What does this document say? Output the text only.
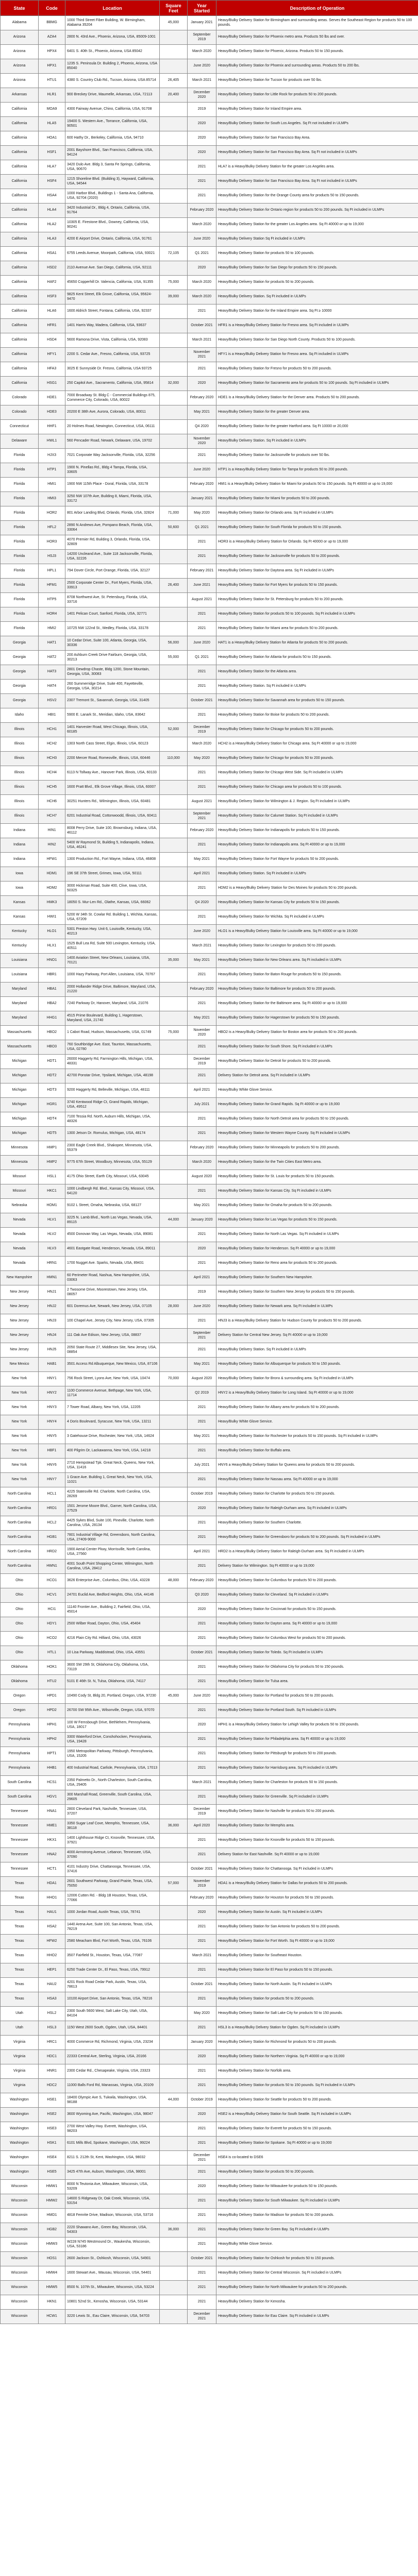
State	Code	Location	Square Feet	Year Started	Description of Operation
Alabama	BBMG	1000 Third Street Fiber Building, W. Birmingham, Alabama 35204	45,000	January 2021	Heavy/Bulky Delivery Station for Birmingham and surrounding areas. Serves the Southeast Region for products 50 to 100 pounds.
Arizona	AZA4	2800 N. 43rd Ave., Phoenix, Arizona, USA, 85009-1001		September 2019	Heavy/Bulky Delivery Station for Phoenix metro area. Products 50 lbs and over.
Arizona	HPX4	6401 S. 40th St., Phoenix, Arizona, USA 85042		March 2020	Heavy/Bulky Delivery Station for Phoenix, Arizona. Products 50 to 150 pounds.
Arizona	HPX1	1235 S. Peninsula Dr. Building 2, Phoenix, Arizona, USA 85040		June 2020	Heavy/Bulky Delivery Station for Phoenix and surrounding areas. Products 50 to 200 lbs.
Arizona	HTU1	4380 S. Country Club Rd., Tucson, Arizona, USA 85714	26,405	March 2021	Heavy/Bulky Delivery Station for Tucson for products over 50 lbs.
Arkansas	HLR1	900 Breckey Drive, Maumelle, Arkansas, USA, 72113	20,400	December 2020	Heavy/Bulky Delivery Station for Little Rock for products 50 to 200 pounds.
California	MOA9	4300 Fairway Avenue, Chino, California, USA, 91708		2019	Heavy/Bulky Delivery Station for Inland Empire area.
California	HLA5	19400 S. Western Ave., Torrance, California, USA, 90501		2020	Heavy/Bulky Delivery Station for South Los Angeles. Sq Ft not included in ULMPs
California	HOA1	600 Hathy Dr., Berkeley, California, USA, 94710		2020	Heavy/Bulky Delivery Station for San Francisco Bay Area.
California	HSF1	2001 Bayshore Blvd., San Francisco, California, USA, 94124		2020	Heavy/Bulky Delivery Station for San Francisco Bay Area. Sq Ft not included in ULMPs
California	HLA7	3420 Dulo Ave. Bldg 3, Santa Fe Springs, California, USA, 90670		2021	HLA7 is a Heavy/Bulky Delivery Station for the greater Los Angeles area.
California	HSF4	1215 Shoreline Blvd. (Building 3), Hayward, California, USA, 94544		2021	Heavy/Bulky Delivery Station for San Francisco Bay Area. Sq Ft not included in ULMPs
California	HSA4	1000 Harbor Blvd., Buildings 1 - Santa Ana, California, USA, 92704 (2020)		2021	Heavy/Bulky Delivery Station for the Orange County area for products 50 to 150 pounds.
California	HLA4	3420 Industrial Dr., Bldg 4, Ontario, California, USA, 91764		February 2020	Heavy/Bulky Delivery Station for Ontario region for products 50 to 200 pounds. Sq Ft included in ULMPs
California	HLA2	10305 E. Firestone Blvd., Downey, California, USA, 90241		March 2020	Heavy/Bulky Delivery Station for the greater Los Angeles area. Sq Ft 40000 or up to 19,000
California	HLA3	4200 E Airport Drive, Ontario, California, USA, 91761		June 2020	Heavy/Bulky Delivery Station Sq Ft included in ULMPs
California	HSA1	6755 Leeds Avenue, Moorpark, California, USA, 93021	72,105	Q1 2021	Heavy/Bulky Delivery Station for products 50 to 100 pounds.
California	HSD2	2110 Avenue Ave. San Diego, California, USA, 92111		2020	Heavy/Bulky Delivery Station for San Diego for products 50 to 150 pounds.
California	HAF2	45650 Copperhill Dr. Valencia, California, USA, 91355	75,000	March 2020	Heavy/Bulky Delivery Station for products 50 to 200 pounds.
California	HSF3	9825 Kent Street, Elk Grove, California, USA, 95624-9470	39,000	March 2020	Heavy/Bulky Delivery Station. Sq Ft included in ULMPs
California	HLA6	1600 Aldrich Street, Fontana, California, USA, 92337		2021	Heavy/Bulky Delivery Station for the Inland Empire area. Sq Ft ≥ 10000
California	HFR1	1401 Harris Way, Madera, California, USA, 93637		October 2021	HFR1 is a Heavy/Bulky Delivery Station for Fresno area. Sq Ft included in ULMPs
California	HSD4	5600 Ramona Drive, Vista, California, USA, 92083		March 2021	Heavy/Bulky Delivery Station for San Diego North County. Products 50 to 100 pounds.
California	HFY1	2200 S. Cedar Ave., Fresno, California, USA, 93725		November 2021	HFY1 is a Heavy/Bulky Delivery Station for Fresno area. Sq Ft included in ULMPs
California	HFA3	3025 E Sunnyside Dr. Fresno, California, USA 93725		2021	Heavy/Bulky Delivery Station for Fresno for products 50 to 200 pounds.
California	HSG1	250 Capitol Ave., Sacramento, California, USA, 95814	32,000	2020	Heavy/Bulky Delivery Station for Sacramento area for products 50 to 100 pounds. Sq Ft included in ULMPs
Colorado	HDE1	7000 Broadway St. Bldg C - Commercial Buildings 875, Commerce City, Colorado, USA, 80022		February 2020	HDE1 is a Heavy/Bulky Delivery Station for the Denver area. Products 50 to 200 pounds.
Colorado	HDE3	20200 E 38th Ave, Aurora, Colorado, USA, 80011		May 2021	Heavy/Bulky Delivery Station for the greater Denver area.
Connecticut	HHF1	20 Holmes Road, Newington, Connecticut, USA, 06111		Q4 2020	Heavy/Bulky Delivery Station for the greater Hartford area. Sq Ft 10000 or 20,000
Delaware	HWL1	560 Pencader Road, Newark, Delaware, USA, 19702		November 2020	Heavy/Bulky Delivery Station. Sq Ft included in ULMPs
Florida	HJX3	7021 Corporate Way Jacksonville, Florida, USA, 32256		2021	Heavy/Bulky Delivery Station for Jacksonville for products over 50 lbs.
Florida	HTP1	1900 N. Pinellas Rd., Bldg 4 Tampa, Florida, USA, 33605		June 2020	HTP1 is a Heavy/Bulky Delivery Station for Tampa for products 50 to 200 pounds.
Florida	HMI1	1900 NW 115th Place - Doral, Florida, USA, 33178		February 2020	HMI1 is a Heavy/Bulky Delivery Station for Miami for products 50 to 150 pounds. Sq Ft 40000 or up to 19,000
Florida	HMI3	3250 NW 107th Ave, Building 8, Miami, Florida, USA, 33172		January 2021	Heavy/Bulky Delivery Station for Miami for products 50 to 200 pounds.
Florida	HOR2	801 Arbor Landing Blvd, Orlando, Florida, USA, 32824	71,000	May 2020	Heavy/Bulky Delivery Station for Orlando area. Sq Ft included in ULMPs
Florida	HFL2	2890 N Andrews Ave, Pompano Beach, Florida, USA, 33064	50,600	Q1 2021	Heavy/Bulky Delivery Station for South Florida for products 50 to 150 pounds.
Florida	HOR3	4070 Premier Rd, Building 3, Orlando, Florida, USA, 32809		2021	HOR3 is a Heavy/Bulky Delivery Station for Orlando. Sq Ft 40000 or up to 19,000
Florida	HSJ3	14200 Uncleand Ave., Suite 118 Jacksonville, Florida, USA, 32226		2021	Heavy/Bulky Delivery Station for Jacksonville for products 50 to 200 pounds.
Florida	HPL1	794 Dover Circle, Port Orange, Florida, USA, 32127		February 2021	Heavy/Bulky Delivery Station for Daytona area. Sq Ft included in ULMPs
Florida	HFM1	2500 Corporate Center Dr., Fort Myers, Florida, USA, 33913	26,400	June 2021	Heavy/Bulky Delivery Station for Fort Myers for products 50 to 150 pounds.
Florida	HTP5	8708 Northwest Ave, St. Petersburg, Florida, USA, 33716		August 2021	Heavy/Bulky Delivery Station for St. Petersburg for products 50 to 200 pounds.
Florida	HOR4	1401 Pelican Court, Sanford, Florida, USA, 32771		2021	Heavy/Bulky Delivery Station for products 50 to 100 pounds. Sq Ft included in ULMPs
Florida	HMI2	10725 NW 122nd St., Medley, Florida, USA, 33178		2021	Heavy/Bulky Delivery Station for Miami area for products 50 to 200 pounds.
Georgia	HAT1	10 Cedar Drive, Suite 100, Atlanta, Georgia, USA, 30336	56,000	June 2020	HAT1 is a Heavy/Bulky Delivery Station for Atlanta for products 50 to 200 pounds.
Georgia	HAT2	200 Ashburn Creek Drive Fairburn, Georgia, USA, 30213	55,000	Q1 2021	Heavy/Bulky Delivery Station for Atlanta for products 50 to 150 pounds.
Georgia	HAT3	2801 Dewdrop Chaste, Bldg 1200, Stone Mountain, Georgia, USA, 30083		2021	Heavy/Bulky Delivery Station for the Atlanta area.
Georgia	HAT4	260 Summerridge Drive, Suite 400, Fayetteville, Georgia, USA, 30214		2021	Heavy/Bulky Delivery Station. Sq Ft included in ULMPs
Georgia	HSV2	2307 Tremont St., Savannah, Georgia, USA, 31405		October 2021	Heavy/Bulky Delivery Station for Savannah area for products 50 to 150 pounds.
Idaho	HBI1	5900 E. Lanark St., Meridian, Idaho, USA, 83642		2021	Heavy/Bulky Delivery Station for Boise for products 50 to 200 pounds.
Illinois	HCH1	1401 Harvester Road, West Chicago, Illinois, USA, 60185	52,000	December 2019	Heavy/Bulky Delivery Station for Chicago for products 50 to 200 pounds.
Illinois	HCH2	1303 North Cass Street, Elgin, Illinois, USA, 60123		March 2020	HCH2 is a Heavy/Bulky Delivery Station for Chicago area. Sq Ft 40000 or up to 19,000
Illinois	HCH3	2200 Mercer Road, Romeoville, Illinois, USA, 60446	110,000	May 2020	Heavy/Bulky Delivery Station for Chicago for products 50 to 200 pounds.
Illinois	HCH4	6113 N Tollway Ave., Hanover Park, Illinois, USA, 60133		2021	Heavy/Bulky Delivery Station for Chicago West Side. Sq Ft included in ULMPs
Illinois	HCH5	1600 Pratt Blvd., Elk Grove Village, Illinois, USA, 60007		2021	Heavy/Bulky Delivery Station for Chicago area for products 50 to 100 pounds.
Illinois	HCH6	30251 Hunters Rd., Wilmington, Illinois, USA, 60481		August 2021	Heavy/Bulky Delivery Station for Wilmington & J. Region. Sq Ft included in ULMPs
Illinois	HCH7	6201 Industrial Road, Cottonwoodd, Illinois, USA, 60411		September 2021	Heavy/Bulky Delivery Station for Calumet Station. Sq Ft included in ULMPs
Indiana	HIN1	8008 Perry Drive, Suite 100, Brownsburg, Indiana, USA, 46112		February 2020	Heavy/Bulky Delivery Station for Indianapolis for products 50 to 150 pounds.
Indiana	HIN2	5400 W Raymond St, Building 5, Indianapolis, Indiana, USA, 46241		2021	Heavy/Bulky Delivery Station for Indianapolis area. Sq Ft 40000 or up to 19,000
Indiana	HFW1	1300 Production Rd., Fort Wayne, Indiana, USA, 46808		May 2021	Heavy/Bulky Delivery Station for Fort Wayne for products 50 to 200 pounds.
Iowa	HDM1	196 SE 37th Street, Grimes, Iowa, USA, 50111		April 2021	Heavy/Bulky Delivery Station. Sq Ft included in ULMPs
Iowa	HDM2	3000 Hickman Road, Suite 400, Clive, Iowa, USA, 50325		2021	HDM2 is a Heavy/Bulky Delivery Station for Des Moines for products 50 to 200 pounds.
Kansas	HMK3	18050 S. Mur-Len Rd., Olathe, Kansas, USA, 66062		Q4 2020	Heavy/Bulky Delivery Station for Kansas City for products 50 to 150 pounds.
Kansas	HWI1	5200 W 34th St. Cowlar Rd. Building 1, Wichita, Kansas, USA, 67209		2021	Heavy/Bulky Delivery Station for Wichita. Sq Ft included in ULMPs
Kentucky	HLO1	5301 Preston Hwy. Unit 6, Louisville, Kentucky, USA, 40213		June 2020	HLO1 is a Heavy/Bulky Delivery Station for Louisville area. Sq Ft 40000 or up to 19,000
Kentucky	HLX1	1525 Bull Lea Rd, Suite 500 Lexington, Kentucky, USA, 40511		March 2021	Heavy/Bulky Delivery Station for Lexington for products 50 to 200 pounds.
Louisiana	HNO1	1400 Aviation Street, New Orleans, Louisiana, USA, 70121	35,000	May 2021	Heavy/Bulky Delivery Station for New Orleans area. Sq Ft included in ULMPs
Louisiana	HBR1	1000 Hazy Parkway, Port Allen, Louisiana, USA, 70767		2021	Heavy/Bulky Delivery Station for Baton Rouge for products 50 to 150 pounds.
Maryland	HBA1	2000 Hollander Ridge Drive, Baltimore, Maryland, USA, 21220		February 2020	Heavy/Bulky Delivery Station for Baltimore for products 50 to 200 pounds.
Maryland	HBA2	7240 Parkway Dr, Hanover, Maryland, USA, 21076		2021	Heavy/Bulky Delivery Station for the Baltimore area. Sq Ft 40000 or up to 19,000
Maryland	HHG1	4515 Prime Boulevard, Building 1, Hagerstown, Maryland, USA, 21740		May 2021	Heavy/Bulky Delivery Station for Hagerstown for products 50 to 150 pounds.
Massachusetts	HBO2	1 Cabot Road, Hudson, Massachusetts, USA, 01749	75,000	November 2020	HBO2 is a Heavy/Bulky Delivery Station for Boston area for products 50 to 200 pounds.
Massachusetts	HBO3	760 Southbridge Ave. East, Taunton, Massachusetts, USA, 02780		2021	Heavy/Bulky Delivery Station for South Shore. Sq Ft included in ULMPs
Michigan	HDT1	26000 Haggerty Rd, Farmington Hills, Michigan, USA, 48331		December 2019	Heavy/Bulky Delivery Station for Detroit for products 50 to 200 pounds.
Michigan	HDT2	42700 Ponstar Drive, Ypsilanti, Michigan, USA, 48198		2021	Delivery Station for Detroit area. Sq Ft included in ULMPs
Michigan	HDT3	9200 Haggerty Rd, Belleville, Michigan, USA, 48111		April 2021	Heavy/Bulky White Glove Service.
Michigan	HGR1	3740 Kentwood Ridge Ct, Grand Rapids, Michigan, USA, 49512		July 2021	Heavy/Bulky Delivery Station for Grand Rapids. Sq Ft 40000 or up to 19,000
Michigan	HDT4	7100 Tessia Rd. North, Auburn Hills, Michigan, USA, 48326		2021	Heavy/Bulky Delivery Station for North Detroit area for products 50 to 150 pounds.
Michigan	HDT5	1300 Jetson Dr. Romulus, Michigan, USA, 48174		2021	Heavy/Bulky Delivery Station for Western Wayne County. Sq Ft included in ULMPs
Minnesota	HMP1	2300 Eagle Creek Blvd., Shakopee, Minnesota, USA, 55379		February 2020	Heavy/Bulky Delivery Station for Minneapolis for products 50 to 200 pounds.
Minnesota	HMP2	9775 67th Street, Woodbury, Minnesota, USA, 55129		March 2020	Heavy/Bulky Delivery Station for the Twin Cities East Metro area.
Missouri	HSL1	4175 Ohio Street, Earth City, Missouri, USA, 63045		August 2020	Heavy/Bulky Delivery Station for St. Louis for products 50 to 150 pounds.
Missouri	HKC1	1000 Lindbergh Rd. Blvd., Kansas City, Missouri, USA, 64120		2021	Heavy/Bulky Delivery Station for Kansas City. Sq Ft included in ULMPs
Nebraska	HOM1	9102 L Street, Omaha, Nebraska, USA, 68127		May 2021	Heavy/Bulky Delivery Station for Omaha for products 50 to 200 pounds.
Nevada	HLV1	3225 N. Lamb Blvd., North Las Vegas, Nevada, USA, 89115	44,000	January 2020	Heavy/Bulky Delivery Station for Las Vegas for products 50 to 150 pounds.
Nevada	HLV2	4500 Donovan Way, Las Vegas, Nevada, USA, 89081		2021	Heavy/Bulky Delivery Station for North Las Vegas. Sq Ft included in ULMPs
Nevada	HLV3	4601 Eastgate Road, Henderson, Nevada, USA, 89011		2020	Heavy/Bulky Delivery Station for Henderson. Sq Ft 40000 or up to 19,000
Nevada	HRN1	1700 Nugget Ave. Sparks, Nevada, USA, 89431		2021	Heavy/Bulky Delivery Station for Reno area for products 50 to 200 pounds.
New Hampshire	HMN1	60 Perimeter Road, Nashua, New Hampshire, USA, 03063		April 2021	Heavy/Bulky Delivery Station for Southern New Hampshire.
New Jersey	HNJ1	2 Twosome Drive, Moorestown, New Jersey, USA, 08057		2019	Heavy/Bulky Delivery Station for Southern New Jersey for products 50 to 150 pounds.
New Jersey	HNJ2	601 Doremus Ave, Newark, New Jersey, USA, 07105	28,000	June 2020	Heavy/Bulky Delivery Station for Newark area. Sq Ft included in ULMPs
New Jersey	HNJ3	100 Chapel Ave, Jersey City, New Jersey, USA, 07305		2021	HNJ3 is a Heavy/Bulky Delivery Station for Hudson County for products 50 to 200 pounds.
New Jersey	HNJ4	111 Oak Ave Edison, New Jersey, USA, 08837		September 2021	Delivery Station for Central New Jersey. Sq Ft 40000 or up to 19,000
New Jersey	HNJ5	2050 State Route 27, Middlesex Site, New Jersey, USA, 08854		2021	Heavy/Bulky Delivery Station. Sq Ft included in ULMPs
New Mexico	HAB1	3501 Access Rd Albuquerque, New Mexico, USA, 87106		May 2021	Heavy/Bulky Delivery Station for Albuquerque for products 50 to 150 pounds.
New York	HNY1	756 Rock Street, Lyons Ave, New York, USA, 10474	70,000	August 2020	Heavy/Bulky Delivery Station for Bronx & surrounding area. Sq Ft included in ULMPs
New York	HNY2	1100 Commerce Avenue, Bethpage, New York, USA, 11714		Q2 2019	HNY2 is a Heavy/Bulky Delivery Station for Long Island. Sq Ft 40000 or up to 19,000
New York	HNY3	7 Tower Road, Albany, New York, USA, 12205		2021	Heavy/Bulky Delivery Station for Albany area for products 50 to 200 pounds.
New York	HNY4	4 Doris Boulevard, Syracuse, New York, USA, 13211		2021	Heavy/Bulky White Glove Service.
New York	HNY5	3 Gatehouse Drive, Rochester, New York, USA, 14624		May 2021	Heavy/Bulky Delivery Station for Rochester for products 50 to 150 pounds. Sq Ft included in ULMPs
New York	HBF1	400 Pilgrim Dr, Lackawanna, New York, USA, 14218		2021	Heavy/Bulky Delivery Station for Buffalo area.
New York	HNY6	2710 Hempstead Tpk. Great Neck, Queens, New York, USA, 11416		July 2021	HNY6 a Heavy/Bulky Delivery Station for Queens area for products 50 to 200 pounds.
New York	HNY7	1 Grace Ave. Building 1, Great Neck, New York, USA, 11021		2021	Heavy/Bulky Delivery Station for Nassau area. Sq Ft 40000 or up to 19,000
North Carolina	HCL1	4225 Statesville Rd. Charlotte, North Carolina, USA, 28269		October 2019	Heavy/Bulky Delivery Station for Charlotte for products 50 to 150 pounds.
North Carolina	HRD1	1501 Jerome Moore Blvd., Garner, North Carolina, USA, 27529		2020	Heavy/Bulky Delivery Station for Raleigh-Durham area. Sq Ft included in ULMPs
North Carolina	HCL2	4425 Sykes Blvd, Suite 100, Pineville, Charlotte, North Carolina, USA, 28134		2021	Heavy/Bulky Delivery Station for Southern Charlotte.
North Carolina	HGB1	7801 Industrial Village Rd, Greensboro, North Carolina, USA, 27409-9000		2021	Heavy/Bulky Delivery Station for Greensboro for products 50 to 200 pounds. Sq Ft included in ULMPs
North Carolina	HRD2	1900 Aerial Center Pkwy, Morrisville, North Carolina, USA, 27560		April 2021	HRD2 is a Heavy/Bulky Delivery Station for Raleigh-Durham area. Sq Ft included in ULMPs
North Carolina	HWN1	4001 South Point Shopping Center, Wilmington, North Carolina, USA, 28412		2021	Delivery Station for Wilmington. Sq Ft 40000 or up to 19,000
Ohio	HCO1	3626 Enterprise Ave., Columbus, Ohio, USA, 43228	48,000	February 2020	Heavy/Bulky Delivery Station for Columbus for products 50 to 200 pounds.
Ohio	HCV1	24701 Euclid Ave, Bedford Heights, Ohio, USA, 44146		Q3 2020	Heavy/Bulky Delivery Station for Cleveland. Sq Ft included in ULMPs
Ohio	HCI1	11140 Frontier Ave., Building 2, Fairfield, Ohio, USA, 45014		2020	Heavy/Bulky Delivery Station for Cincinnati for products 50 to 150 pounds.
Ohio	HDY1	2500 Wilber Road, Dayton, Ohio, USA, 45404		2021	Heavy/Bulky Delivery Station for Dayton area. Sq Ft 40000 or up to 19,000
Ohio	HCO2	4216 Plain City Rd. Hilliard, Ohio, USA, 43026		2021	Heavy/Bulky Delivery Station for Columbus West for products 50 to 200 pounds.
Ohio	HTL1	10 Lisa Parkway, Maddistead, Ohio, USA, 43551		October 2021	Heavy/Bulky Delivery Station for Toledo. Sq Ft included in ULMPs
Oklahoma	HOK1	3600 SW 29th St, Oklahoma City, Oklahoma, USA, 73119		2021	Heavy/Bulky Delivery Station for Oklahoma City for products 50 to 150 pounds.
Oklahoma	HTU2	5101 E 46th St. N, Tulsa, Oklahoma, USA, 74117		2021	Heavy/Bulky Delivery Station for Tulsa area.
Oregon	HPD1	10490 Cody St, Bldg 20, Portland, Oregon, USA, 97230	45,000	June 2020	Heavy/Bulky Delivery Station for Portland for products 50 to 200 pounds.
Oregon	HPD2	26700 SW 95th Ave., Wilsonville, Oregon, USA, 97070		2021	Heavy/Bulky Delivery Station for Portland South. Sq Ft included in ULMPs
Pennsylvania	HPH1	100 W Fernsbough Drive, Bethlehem, Pennsylvania, USA, 18017		2020	HPH1 is a Heavy/Bulky Delivery Station for Lehigh Valley for products 50 to 150 pounds.
Pennsylvania	HPH2	3300 Waterford Drive, Conshohocken, Pennsylvania, USA, 19428		2021	Heavy/Bulky Delivery Station for Philadelphia area. Sq Ft 40000 or up to 19,000
Pennsylvania	HPT1	1950 Metropolitan Parkway, Pittsburgh, Pennsylvania, USA, 15205		2021	Heavy/Bulky Delivery Station for Pittsburgh for products 50 to 200 pounds.
Pennsylvania	HHB1	400 Industrial Road, Carlisle, Pennsylvania, USA, 17013		2021	Heavy/Bulky Delivery Station for Harrisburg area. Sq Ft included in ULMPs
South Carolina	HCS1	2350 Palmetto Dr., North Charleston, South Carolina, USA, 29405		March 2021	Heavy/Bulky Delivery Station for Charleston for products 50 to 150 pounds.
South Carolina	HGV1	300 Marshall Road, Greenville, South Carolina, USA, 29605		2021	Heavy/Bulky Delivery Station for Greenville. Sq Ft included in ULMPs
Tennessee	HNA1	2800 Cleveland Park, Nashville, Tennessee, USA, 37207		December 2019	Heavy/Bulky Delivery Station for Nashville for products 50 to 200 pounds.
Tennessee	HME1	3350 Sugar Leaf Cove, Memphis, Tennessee, USA, 38118	36,000	April 2020	Heavy/Bulky Delivery Station for Memphis area.
Tennessee	HKX1	1400 Lighthouse Ridge Ct, Knoxville, Tennessee, USA, 37921		2021	Heavy/Bulky Delivery Station for Knoxville for products 50 to 150 pounds.
Tennessee	HNA2	4000 Armstrong Avenue, Lebanon, Tennessee, USA, 37090		2021	Delivery Station for East Nashville. Sq Ft 40000 or up to 19,000
Tennessee	HCT1	4101 Industry Drive, Chattanooga, Tennessee, USA, 37416		October 2021	Heavy/Bulky Delivery Station for Chattanooga. Sq Ft included in ULMPs
Texas	HDA1	2601 Southwest Parkway, Grand Prairie, Texas, USA, 75050	57,000	November 2019	HDA1 is a Heavy/Bulky Delivery Station for Dallas for products 50 to 200 pounds.
Texas	HHO1	12006 Cutten Rd. - Bldg 1B Houston, Texas, USA, 77066		February 2020	Heavy/Bulky Delivery Station for Houston for products 50 to 150 pounds.
Texas	HAU1	1000 Jordan Road, Austin Texas, USA, 78741		2020	Heavy/Bulky Delivery Station for Austin. Sq Ft included in ULMPs
Texas	HSA2	1440 Arena Ave, Suite 100, San Antonio, Texas, USA, 78219		2021	Heavy/Bulky Delivery Station for San Antonio for products 50 to 200 pounds.
Texas	HFW2	2580 Meacham Blvd, Fort Worth, Texas, USA, 76106		2021	Heavy/Bulky Delivery Station for Fort Worth. Sq Ft 40000 or up to 19,000
Texas	HHO2	3507 Fairfield St., Houston, Texas, USA, 77087		March 2021	Heavy/Bulky Delivery Station for Southeast Houston.
Texas	HEP1	6250 Trade Center Dr., El Paso, Texas, USA, 79912		2021	Heavy/Bulky Delivery Station for El Paso for products 50 to 150 pounds.
Texas	HAU2	4201 Rock Road Cedar Park, Austin, Texas, USA, 78613		October 2021	Heavy/Bulky Delivery Station for North Austin. Sq Ft included in ULMPs
Texas	HSA3	10100 Airport Drive, San Antonio, Texas, USA, 78216		2021	Heavy/Bulky Delivery Station for products 50 to 200 pounds.
Utah	HSL2	2300 South 5600 West, Salt Lake City, Utah, USA, 84104		May 2020	Heavy/Bulky Delivery Station for Salt Lake City for products 50 to 150 pounds.
Utah	HSL3	1150 West 2600 South, Ogden, Utah, USA, 84401		2021	HSL3 is a Heavy/Bulky Delivery Station for Ogden. Sq Ft included in ULMPs
Virginia	HRC1	4000 Commerce Rd, Richmond, Virginia, USA, 23234		January 2020	Heavy/Bulky Delivery Station for Richmond for products 50 to 200 pounds.
Virginia	HDC1	22333 Central Ave, Sterling, Virginia, USA, 20166		2020	Heavy/Bulky Delivery Station for Northern Virginia. Sq Ft 40000 or up to 19,000
Virginia	HNR1	2300 Cedar Rd., Chesapeake, Virginia, USA, 23323		2021	Heavy/Bulky Delivery Station for Norfolk area.
Virginia	HDC2	11000 Balls Ford Rd, Manassas, Virginia, USA, 20109		2021	Heavy/Bulky Delivery Station for products 50 to 150 pounds. Sq Ft included in ULMPs
Washington	HSE1	18400 Olympic Ave S, Tukwila, Washington, USA, 98188	44,000	October 2019	Heavy/Bulky Delivery Station for Seattle for products 50 to 200 pounds.
Washington	HSE2	3600 Wyoming Ave, Pacific, Washington, USA, 98047		2020	HSE2 is a Heavy/Bulky Delivery Station for South Seattle. Sq Ft included in ULMPs
Washington	HSE3	2700 West Valley Hwy. Everett, Washington, USA, 98203		2021	Heavy/Bulky Delivery Station for Everett for products 50 to 150 pounds.
Washington	HSK1	6101 Mills Blvd, Spokane, Washington, USA, 99224		2021	Heavy/Bulky Delivery Station for Spokane. Sq Ft 40000 or up to 19,000
Washington	HSE4	8211 S. 212th St, Kent, Washington, USA, 98032		December 2021	HSE4 is co-located to DSE6
Washington	HSE5	3425 47th Ave, Auburn, Washington, USA, 98001		2021	Heavy/Bulky Delivery Station for products 50 to 200 pounds.
Wisconsin	HMW1	8000 N Teutonia Ave, Milwaukee, Wisconsin, USA, 53209		2020	Heavy/Bulky Delivery Station for Milwaukee for products 50 to 150 pounds.
Wisconsin	HMW2	14600 S Ridgeway Dr, Oak Creek, Wisconsin, USA, 53154		2021	Heavy/Bulky Delivery Station for South Milwaukee. Sq Ft included in ULMPs
Wisconsin	HMD1	4818 Femrite Drive, Madison, Wisconsin, USA, 53716		2021	Heavy/Bulky Delivery Station for Madison for products 50 to 200 pounds.
Wisconsin	HGB2	2220 Shawano Ave., Green Bay, Wisconsin, USA, 54303	36,000	2021	Heavy/Bulky Delivery Station for Green Bay. Sq Ft included in ULMPs
Wisconsin	HMW3	W228 N745 Westmound Dr., Waukesha, Wisconsin, USA, 53186		2021	Heavy/Bulky White Glove Service.
Wisconsin	HOS1	2600 Jackson St., Oshkosh, Wisconsin, USA, 54901		October 2021	Heavy/Bulky Delivery Station for Oshkosh for products 50 to 150 pounds.
Wisconsin	HMW4	1600 Stewart Ave., Wausau, Wisconsin, USA, 54401		2021	Heavy/Bulky Delivery Station for Central Wisconsin. Sq Ft included in ULMPs
Wisconsin	HMW5	8500 N. 107th St., Milwaukee, Wisconsin, USA, 53224		2021	Heavy/Bulky Delivery Station for North Milwaukee for products 50 to 200 pounds.
Wisconsin	HKN1	10801 52nd St., Kenosha, Wisconsin, USA, 53144		2021	Heavy/Bulky Delivery Station for Kenosha.
Wisconsin	HCW1	3220 Lewis St., Eau Claire, Wisconsin, USA, 54703		December 2021	Heavy/Bulky Delivery Station for Eau Claire. Sq Ft included in ULMPs
